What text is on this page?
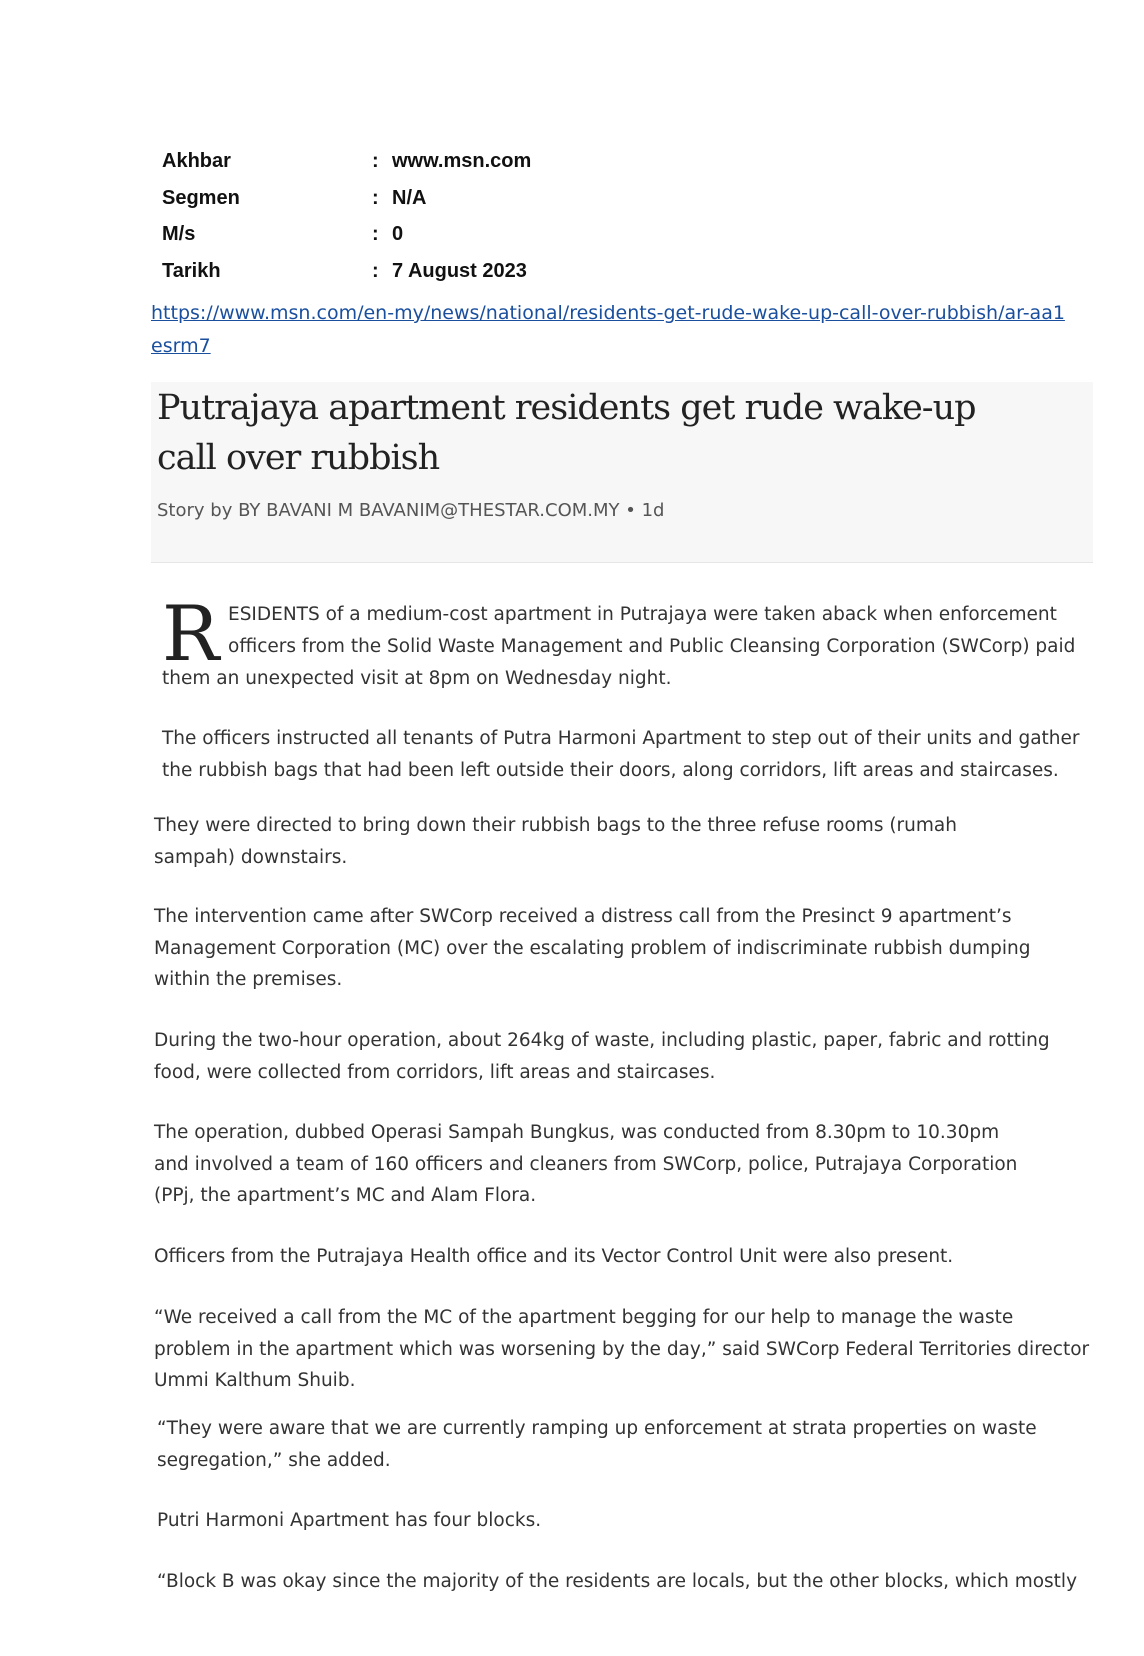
Akhbar	: www.msn.com
Segmen	: N/A
M/s	: 0
Tarikh	: 7 August 2023
https://www.msn.com/en-my/news/national/residents-get-rude-wake-up-call-over-rubbish/ar-aa1esrm7
Putrajaya apartment residents get rude wake-up call over rubbish
Story by BY BAVANI M BAVANIM@THESTAR.COM.MY • 1d
R ESIDENTS of a medium-cost apartment in Putrajaya were taken aback when enforcement
officers from the Solid Waste Management and Public Cleansing Corporation (SWCorp) paid
them an unexpected visit at 8pm on Wednesday night.

The officers instructed all tenants of Putra Harmoni Apartment to step out of their units and gather the rubbish bags that had been left outside their doors, along corridors, lift areas and staircases.

They were directed to bring down their rubbish bags to the three refuse rooms (rumah sampah) downstairs.

The intervention came after SWCorp received a distress call from the Presinct 9 apartment’s Management Corporation (MC) over the escalating problem of indiscriminate rubbish dumping within the premises.

During the two-hour operation, about 264kg of waste, including plastic, paper, fabric and rotting food, were collected from corridors, lift areas and staircases.

The operation, dubbed Operasi Sampah Bungkus, was conducted from 8.30pm to 10.30pm and involved a team of 160 officers and cleaners from SWCorp, police, Putrajaya Corporation (PPj, the apartment’s MC and Alam Flora.

Officers from the Putrajaya Health office and its Vector Control Unit were also present.

“We received a call from the MC of the apartment begging for our help to manage the waste problem in the apartment which was worsening by the day,” said SWCorp Federal Territories director Ummi Kalthum Shuib.

“They were aware that we are currently ramping up enforcement at strata properties on waste segregation,” she added.

Putri Harmoni Apartment has four blocks.

“Block B was okay since the majority of the residents are locals, but the other blocks, which mostly
